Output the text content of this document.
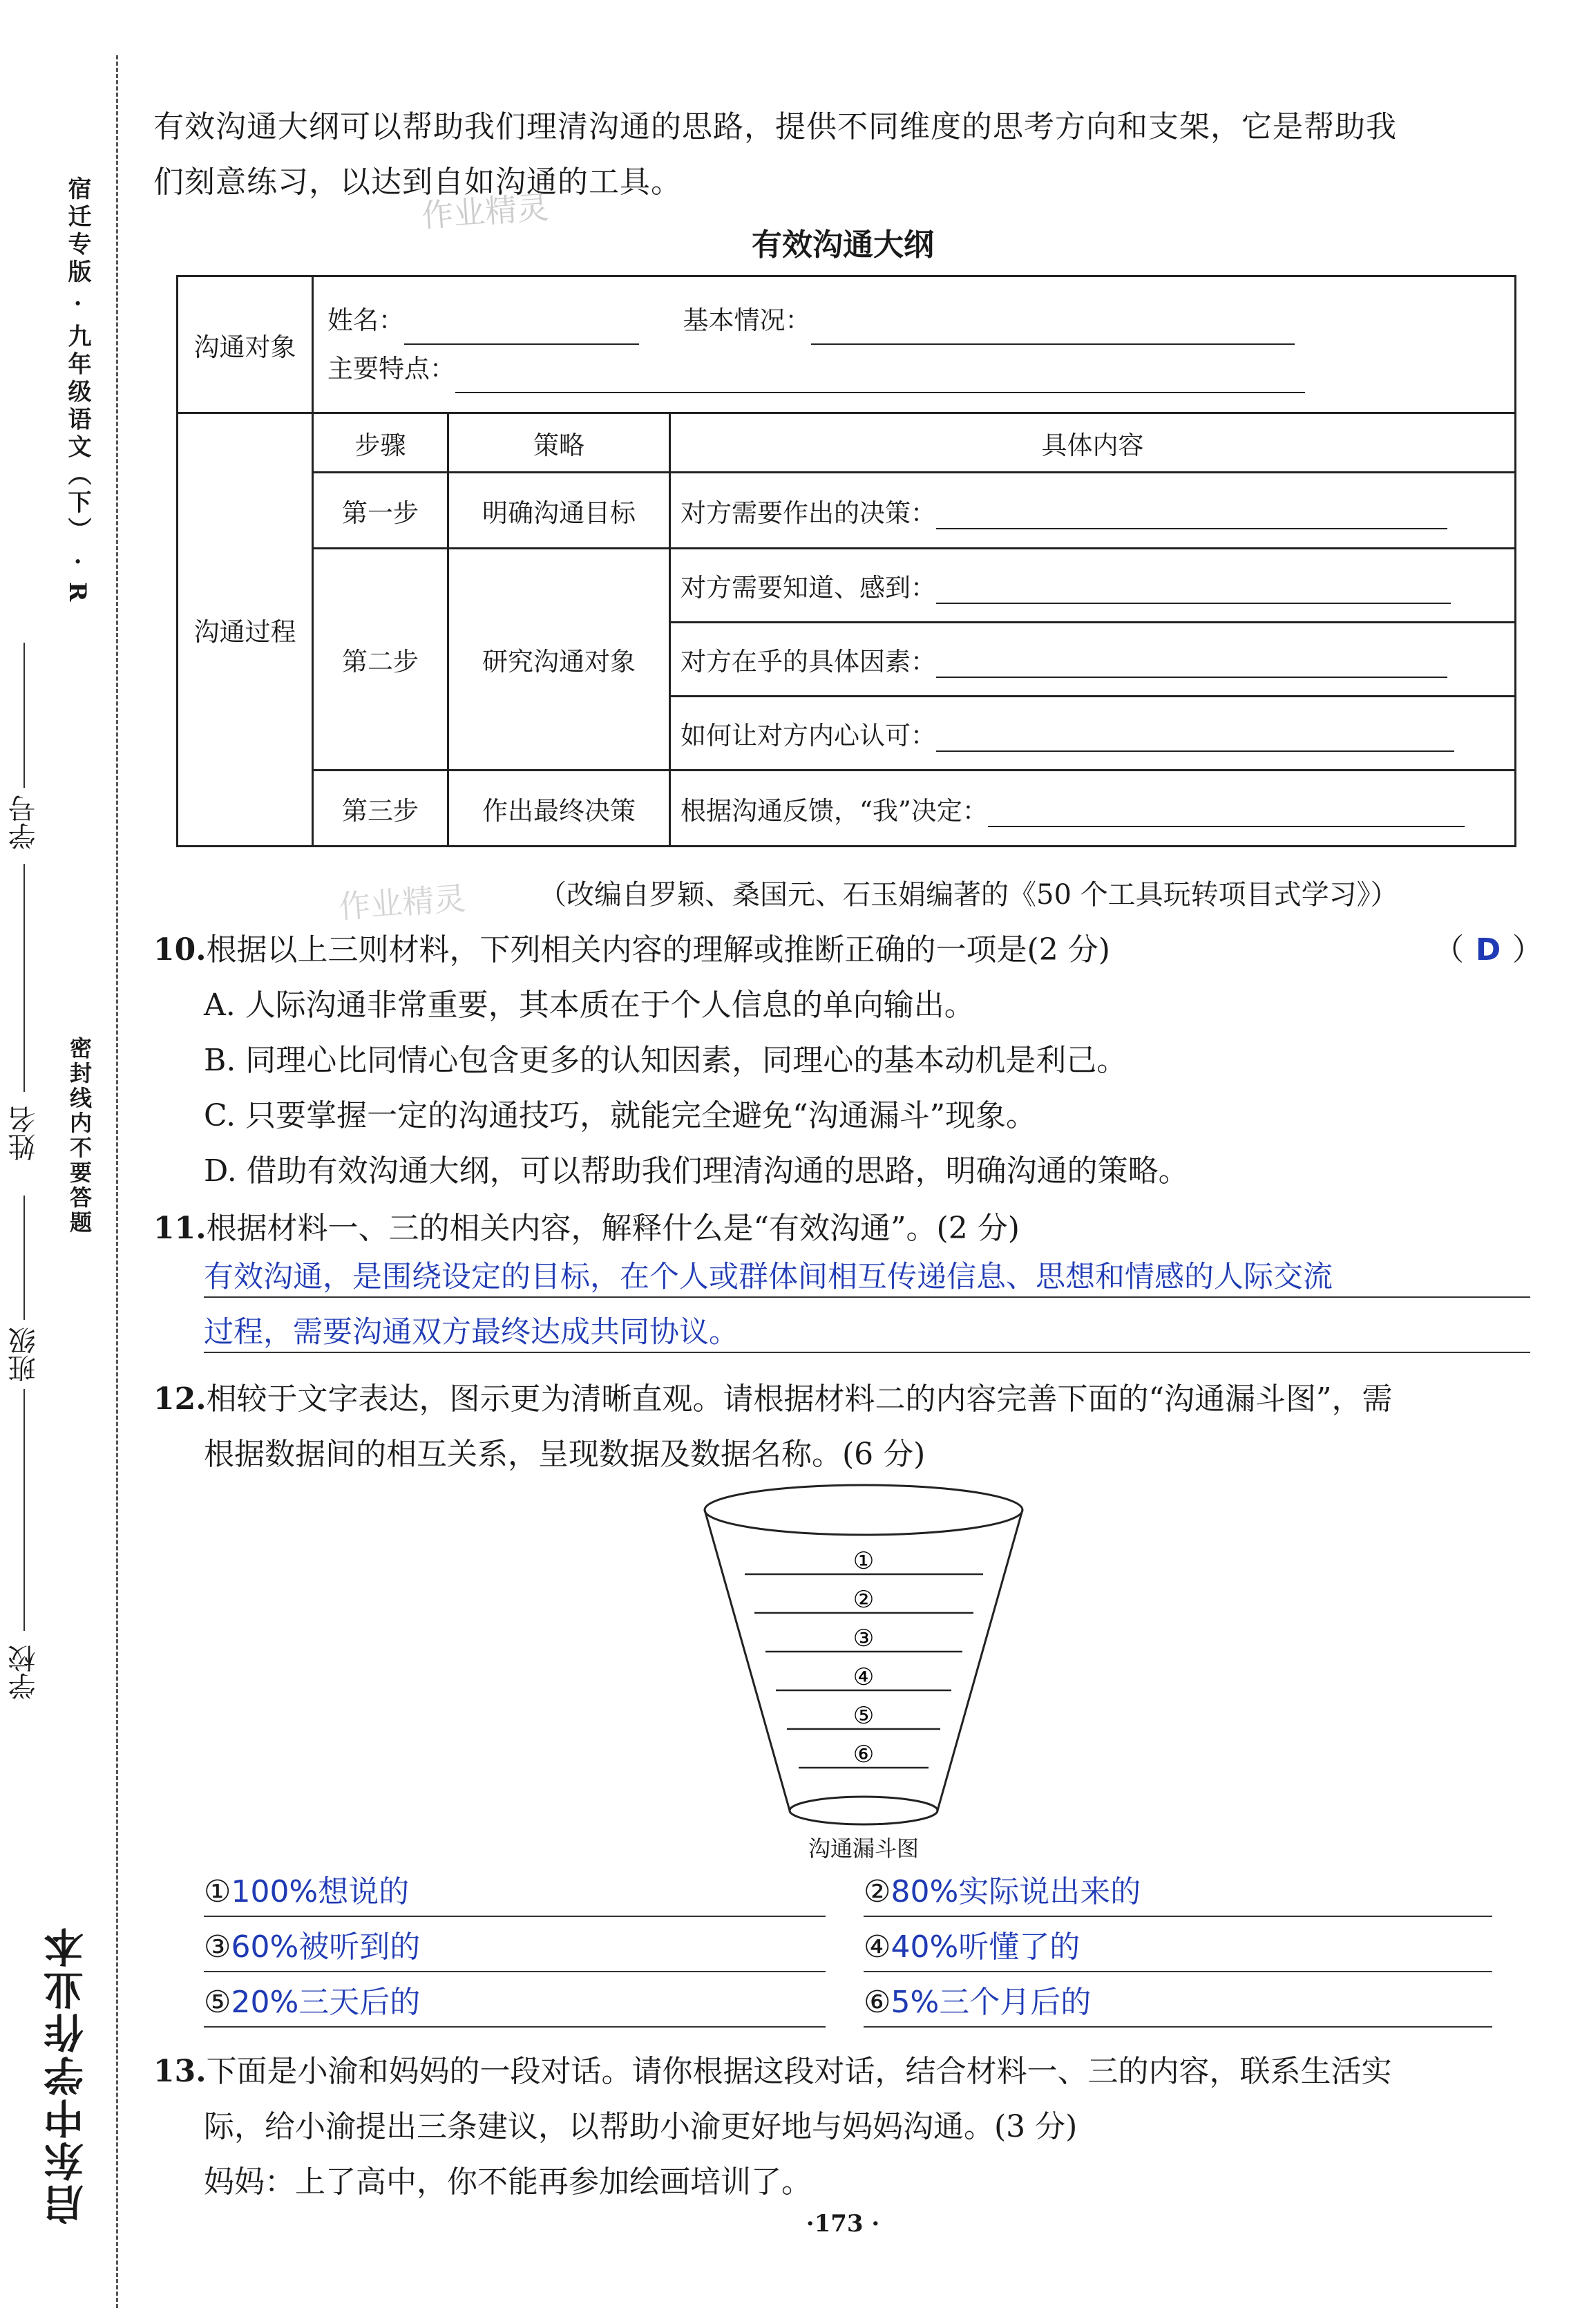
宿迁专版 · 九年级语文（下） · R
密封线内不要答题
启东中学作业本
学号
姓名
班级
学校
有效沟通大纲可以帮助我们理清沟通的思路，提供不同维度的思考方向和支架，它是帮助我
们刻意练习，以达到自如沟通的工具。
作业精灵
有效沟通大纲
沟通对象	姓名： 基本情况：
主要特点：		

沟通过程	步骤	策略	具体内容
	第一步	明确沟通目标	对方需要作出的决策：
	第二步	研究沟通对象	对方需要知道、感到：
			对方在乎的具体因素：
			如何让对方内心认可：
	第三步	作出最终决策	根据沟通反馈，“我”决定：
（改编自罗颖、桑国元、石玉娟编著的《50 个工具玩转项目式学习》）
作业精灵
10.根据以上三则材料，下列相关内容的理解或推断正确的一项是(2 分)	（ D ）
A. 人际沟通非常重要，其本质在于个人信息的单向输出。
B. 同理心比同情心包含更多的认知因素，同理心的基本动机是利己。
C. 只要掌握一定的沟通技巧，就能完全避免“沟通漏斗”现象。
D. 借助有效沟通大纲，可以帮助我们理清沟通的思路，明确沟通的策略。
11.根据材料一、三的相关内容，解释什么是“有效沟通”。(2 分)
有效沟通，是围绕设定的目标，在个人或群体间相互传递信息、思想和情感的人际交流
过程，需要沟通双方最终达成共同协议。
12.相较于文字表达，图示更为清晰直观。请根据材料二的内容完善下面的“沟通漏斗图”，需
根据数据间的相互关系，呈现数据及数据名称。(6 分)
①
②
③
④
⑤
⑥
沟通漏斗图
①100%想说的	②80%实际说出来的
③60%被听到的	④40%听懂了的
⑤20%三天后的	⑥5%三个月后的
13.下面是小渝和妈妈的一段对话。请你根据这段对话，结合材料一、三的内容，联系生活实
际，给小渝提出三条建议，以帮助小渝更好地与妈妈沟通。(3 分)
妈妈：上了高中，你不能再参加绘画培训了。
·173 ·
